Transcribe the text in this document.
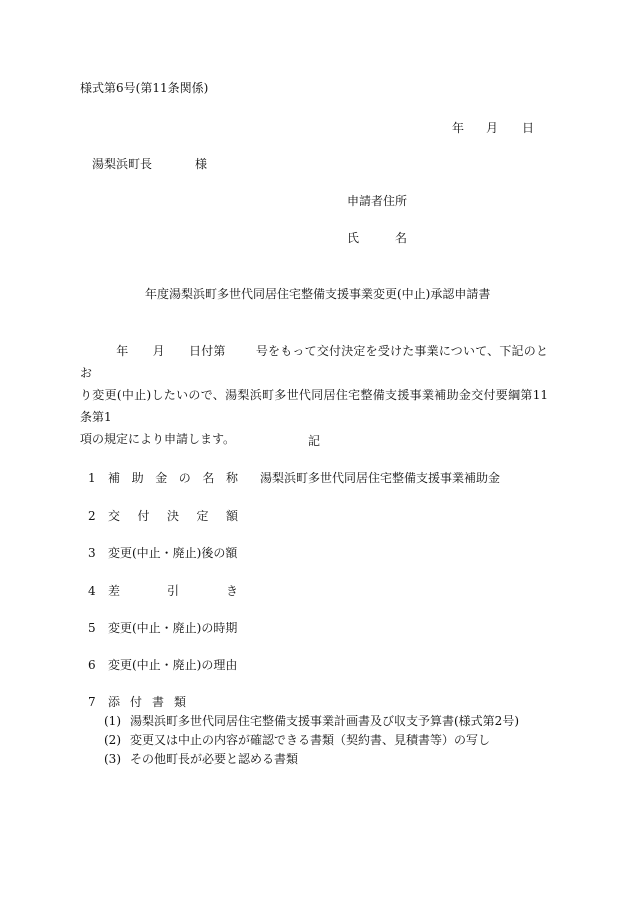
様式第6号(第11条関係)
年 月 日
湯梨浜町長	様
申請者住所
氏	名
年度湯梨浜町多世代同居住宅整備支援事業変更(中止)承認申請書
年 月 日付第	号をもって交付決定を受けた事業について、下記のとお
り変更(中止)したいので、湯梨浜町多世代同居住宅整備支援事業補助金交付要綱第11条第1
項の規定により申請します。	記
1	補 助 金 の 名 称 湯梨浜町多世代同居住宅整備支援事業補助金
2	交 付 決 定 額
3	変更(中止・廃止)後の額
4	差	引	き
5	変更(中止・廃止)の時期
6	変更(中止・廃止)の理由
7	添 付 書 類
(1) 湯梨浜町多世代同居住宅整備支援事業計画書及び収支予算書(様式第2号)
(2) 変更又は中止の内容が確認できる書類（契約書、見積書等）の写し
(3) その他町長が必要と認める書類
